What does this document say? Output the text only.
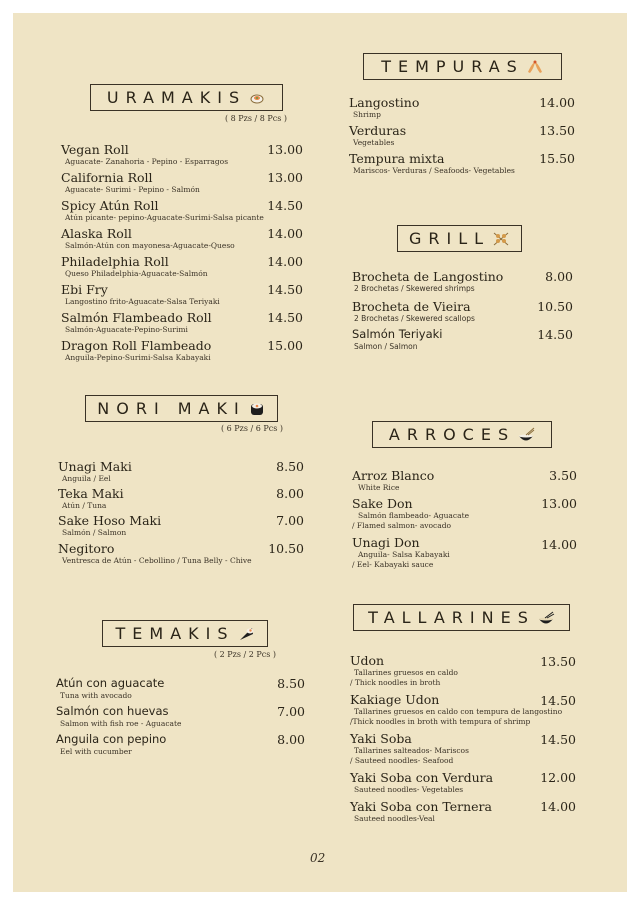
URAMAKIS
( 8 Pzs / 8 Pcs )
Vegan Roll
Aguacate- Zanahoria - Pepino - Esparragos
13.00
California Roll
Aguacate- Surimi - Pepino - Salmón
13.00
Spicy Atún Roll
Atún picante- pepino-Aguacate-Surimi-Salsa picante
14.50
Alaska Roll
Salmón-Atún con mayonesa-Aguacate-Queso
14.00
Philadelphia Roll
Queso Philadelphia-Aguacate-Salmón
14.00
Ebi Fry
Langostino frito-Aguacate-Salsa Teriyaki
14.50
Salmón Flambeado Roll
Salmón-Aguacate-Pepino-Surimi
14.50
Dragon Roll Flambeado
Anguila-Pepino-Surimi-Salsa Kabayaki
15.00
NORI MAKI
( 6 Pzs / 6 Pcs )
Unagi Maki
Anguila / Eel
8.50
Teka Maki
Atún / Tuna
8.00
Sake Hoso Maki
Salmón / Salmon
7.00
Negitoro
Ventresca de Atún - Cebollino / Tuna Belly - Chive
10.50
TEMAKIS
( 2 Pzs / 2 Pcs )
Atún con aguacate
Tuna with avocado
8.50
Salmón con huevas
Salmon with fish roe - Aguacate
7.00
Anguila con pepino
Eel with cucumber
8.00
TEMPURAS
Langostino
Shrimp
14.00
Verduras
Vegetables
13.50
Tempura mixta
Mariscos- Verduras / Seafoods- Vegetables
15.50
GRILL
Brocheta de Langostino
2 Brochetas / Skewered shrimps
8.00
Brocheta de Vieira
2 Brochetas / Skewered scallops
10.50
Salmón Teriyaki
Salmon / Salmon
14.50
ARROCES
Arroz Blanco
White Rice
3.50
Sake Don
Salmón flambeado- Aguacate
/ Flamed salmon- avocado
13.00
Unagi Don
Anguila- Salsa Kabayaki
/ Eel- Kabayaki sauce
14.00
TALLARINES
Udon
Tallarines gruesos en caldo
/ Thick noodles in broth
13.50
Kakiage Udon
Tallarines gruesos en caldo con tempura de langostino
/Thick noodles in broth with tempura of shrimp
14.50
Yaki Soba
Tallarines salteados- Mariscos
/ Sauteed noodles- Seafood
14.50
Yaki Soba con Verdura
Sauteed noodles- Vegetables
12.00
Yaki Soba con Ternera
Sauteed noodles-Veal
14.00
02
